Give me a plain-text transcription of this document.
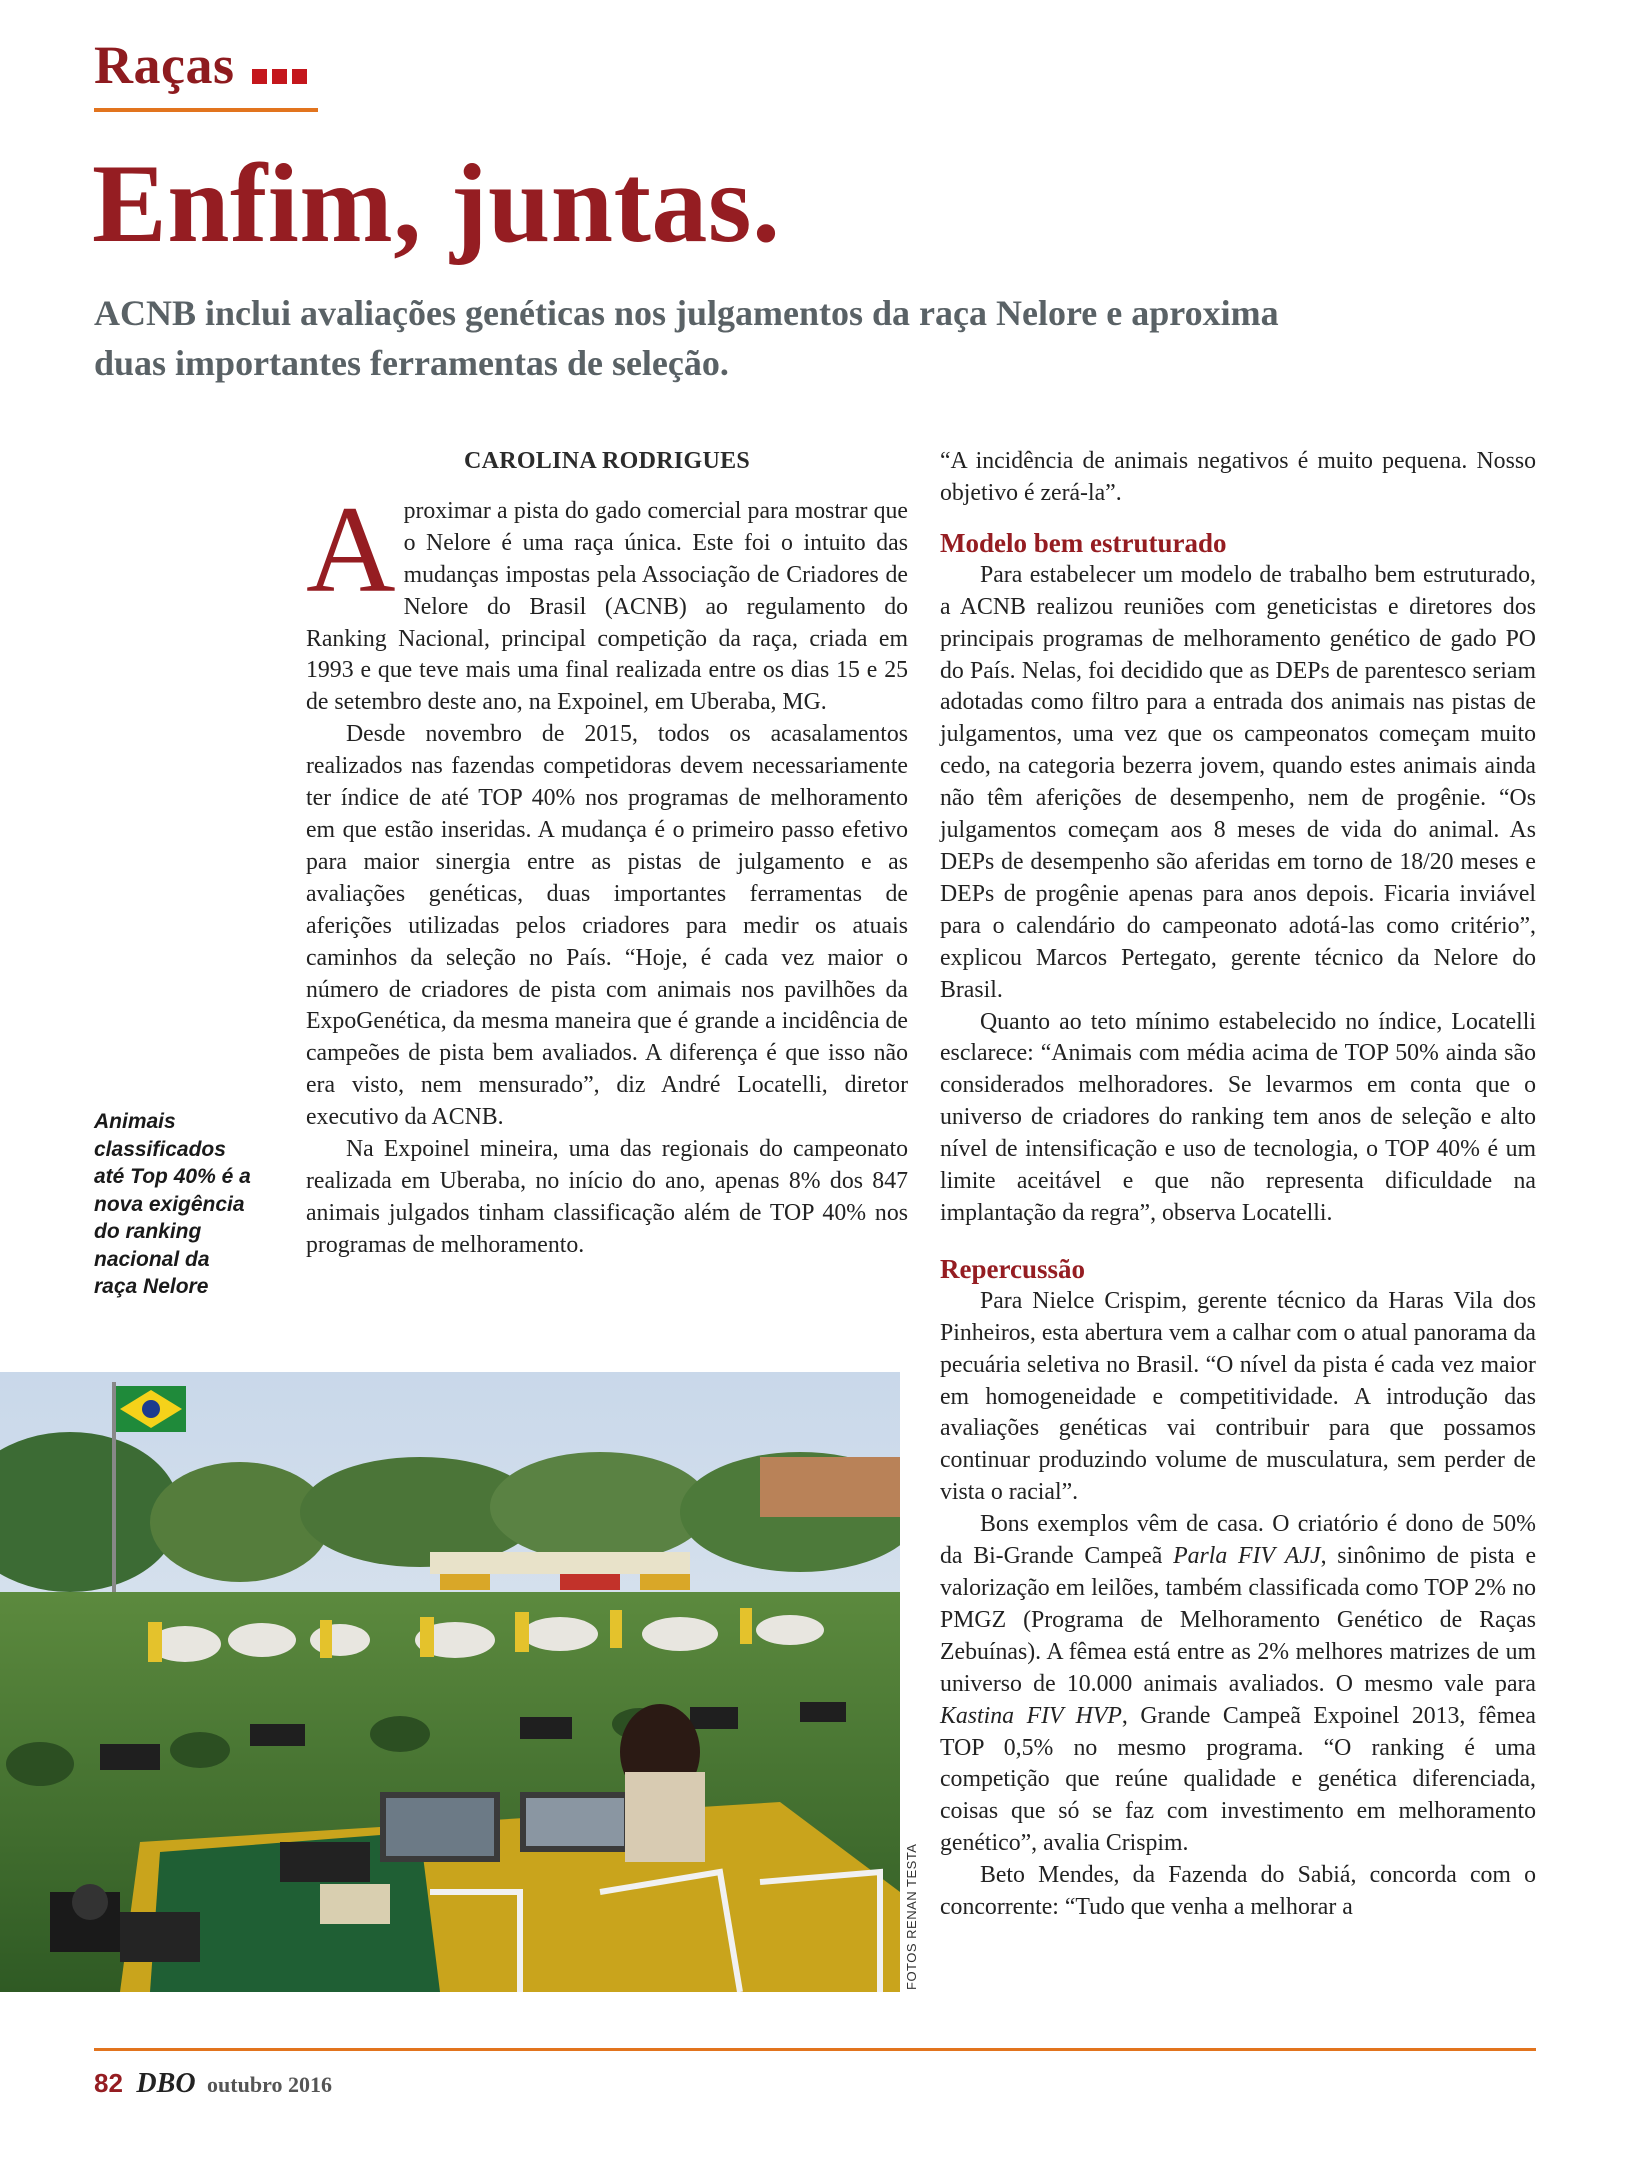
Raças
Enfim, juntas.
ACNB inclui avaliações genéticas nos julgamentos da raça Nelore e aproxima duas importantes ferramentas de seleção.
CAROLINA RODRIGUES

Aproximar a pista do gado comercial para mostrar que o Nelore é uma raça única. Este foi o intuito das mudanças impostas pela Associação de Criadores de Nelore do Brasil (ACNB) ao regulamento do Ranking Nacional, principal competição da raça, criada em 1993 e que teve mais uma final realizada entre os dias 15 e 25 de setembro deste ano, na Expoinel, em Uberaba, MG.

Desde novembro de 2015, todos os acasalamentos realizados nas fazendas competidoras devem necessariamente ter índice de até TOP 40% nos programas de melhoramento em que estão inseridas. A mudança é o primeiro passo efetivo para maior sinergia entre as pistas de julgamento e as avaliações genéticas, duas importantes ferramentas de aferições utilizadas pelos criadores para medir os atuais caminhos da seleção no País. “Hoje, é cada vez maior o número de criadores de pista com animais nos pavilhões da ExpoGenética, da mesma maneira que é grande a incidência de campeões de pista bem avaliados. A diferença é que isso não era visto, nem mensurado”, diz André Locatelli, diretor executivo da ACNB.

Na Expoinel mineira, uma das regionais do campeonato realizada em Uberaba, no início do ano, apenas 8% dos 847 animais julgados tinham classificação além de TOP 40% nos programas de melhoramento.

Animais classificados até Top 40% é a nova exigência do ranking nacional da raça Nelore
FOTOS RENAN TESTA

“A incidência de animais negativos é muito pequena. Nosso objetivo é zerá-la”.

Modelo bem estruturado

Para estabelecer um modelo de trabalho bem estruturado, a ACNB realizou reuniões com geneticistas e diretores dos principais programas de melhoramento genético de gado PO do País. Nelas, foi decidido que as DEPs de parentesco seriam adotadas como filtro para a entrada dos animais nas pistas de julgamentos, uma vez que os campeonatos começam muito cedo, na categoria bezerra jovem, quando estes animais ainda não têm aferições de desempenho, nem de progênie. “Os julgamentos começam aos 8 meses de vida do animal. As DEPs de desempenho são aferidas em torno de 18/20 meses e DEPs de progênie apenas para anos depois. Ficaria inviável para o calendário do campeonato adotá-las como critério”, explicou Marcos Pertegato, gerente técnico da Nelore do Brasil.

Quanto ao teto mínimo estabelecido no índice, Locatelli esclarece: “Animais com média acima de TOP 50% ainda são considerados melhoradores. Se levarmos em conta que o universo de criadores do ranking tem anos de seleção e alto nível de intensificação e uso de tecnologia, o TOP 40% é um limite aceitável e que não representa dificuldade na implantação da regra”, observa Locatelli.

Repercussão

Para Nielce Crispim, gerente técnico da Haras Vila dos Pinheiros, esta abertura vem a calhar com o atual panorama da pecuária seletiva no Brasil. “O nível da pista é cada vez maior em homogeneidade e competitividade. A introdução das avaliações genéticas vai contribuir para que possamos continuar produzindo volume de musculatura, sem perder de vista o racial”.

Bons exemplos vêm de casa. O criatório é dono de 50% da Bi-Grande Campeã Parla FIV AJJ, sinônimo de pista e valorização em leilões, também classificada como TOP 2% no PMGZ (Programa de Melhoramento Genético de Raças Zebuínas). A fêmea está entre as 2% melhores matrizes de um universo de 10.000 animais avaliados. O mesmo vale para Kastina FIV HVP, Grande Campeã Expoinel 2013, fêmea TOP 0,5% no mesmo programa. “O ranking é uma competição que reúne qualidade e genética diferenciada, coisas que só se faz com investimento em melhoramento genético”, avalia Crispim.

Beto Mendes, da Fazenda do Sabiá, concorda com o concorrente: “Tudo que venha a melhorar a

82 DBO outubro 2016
